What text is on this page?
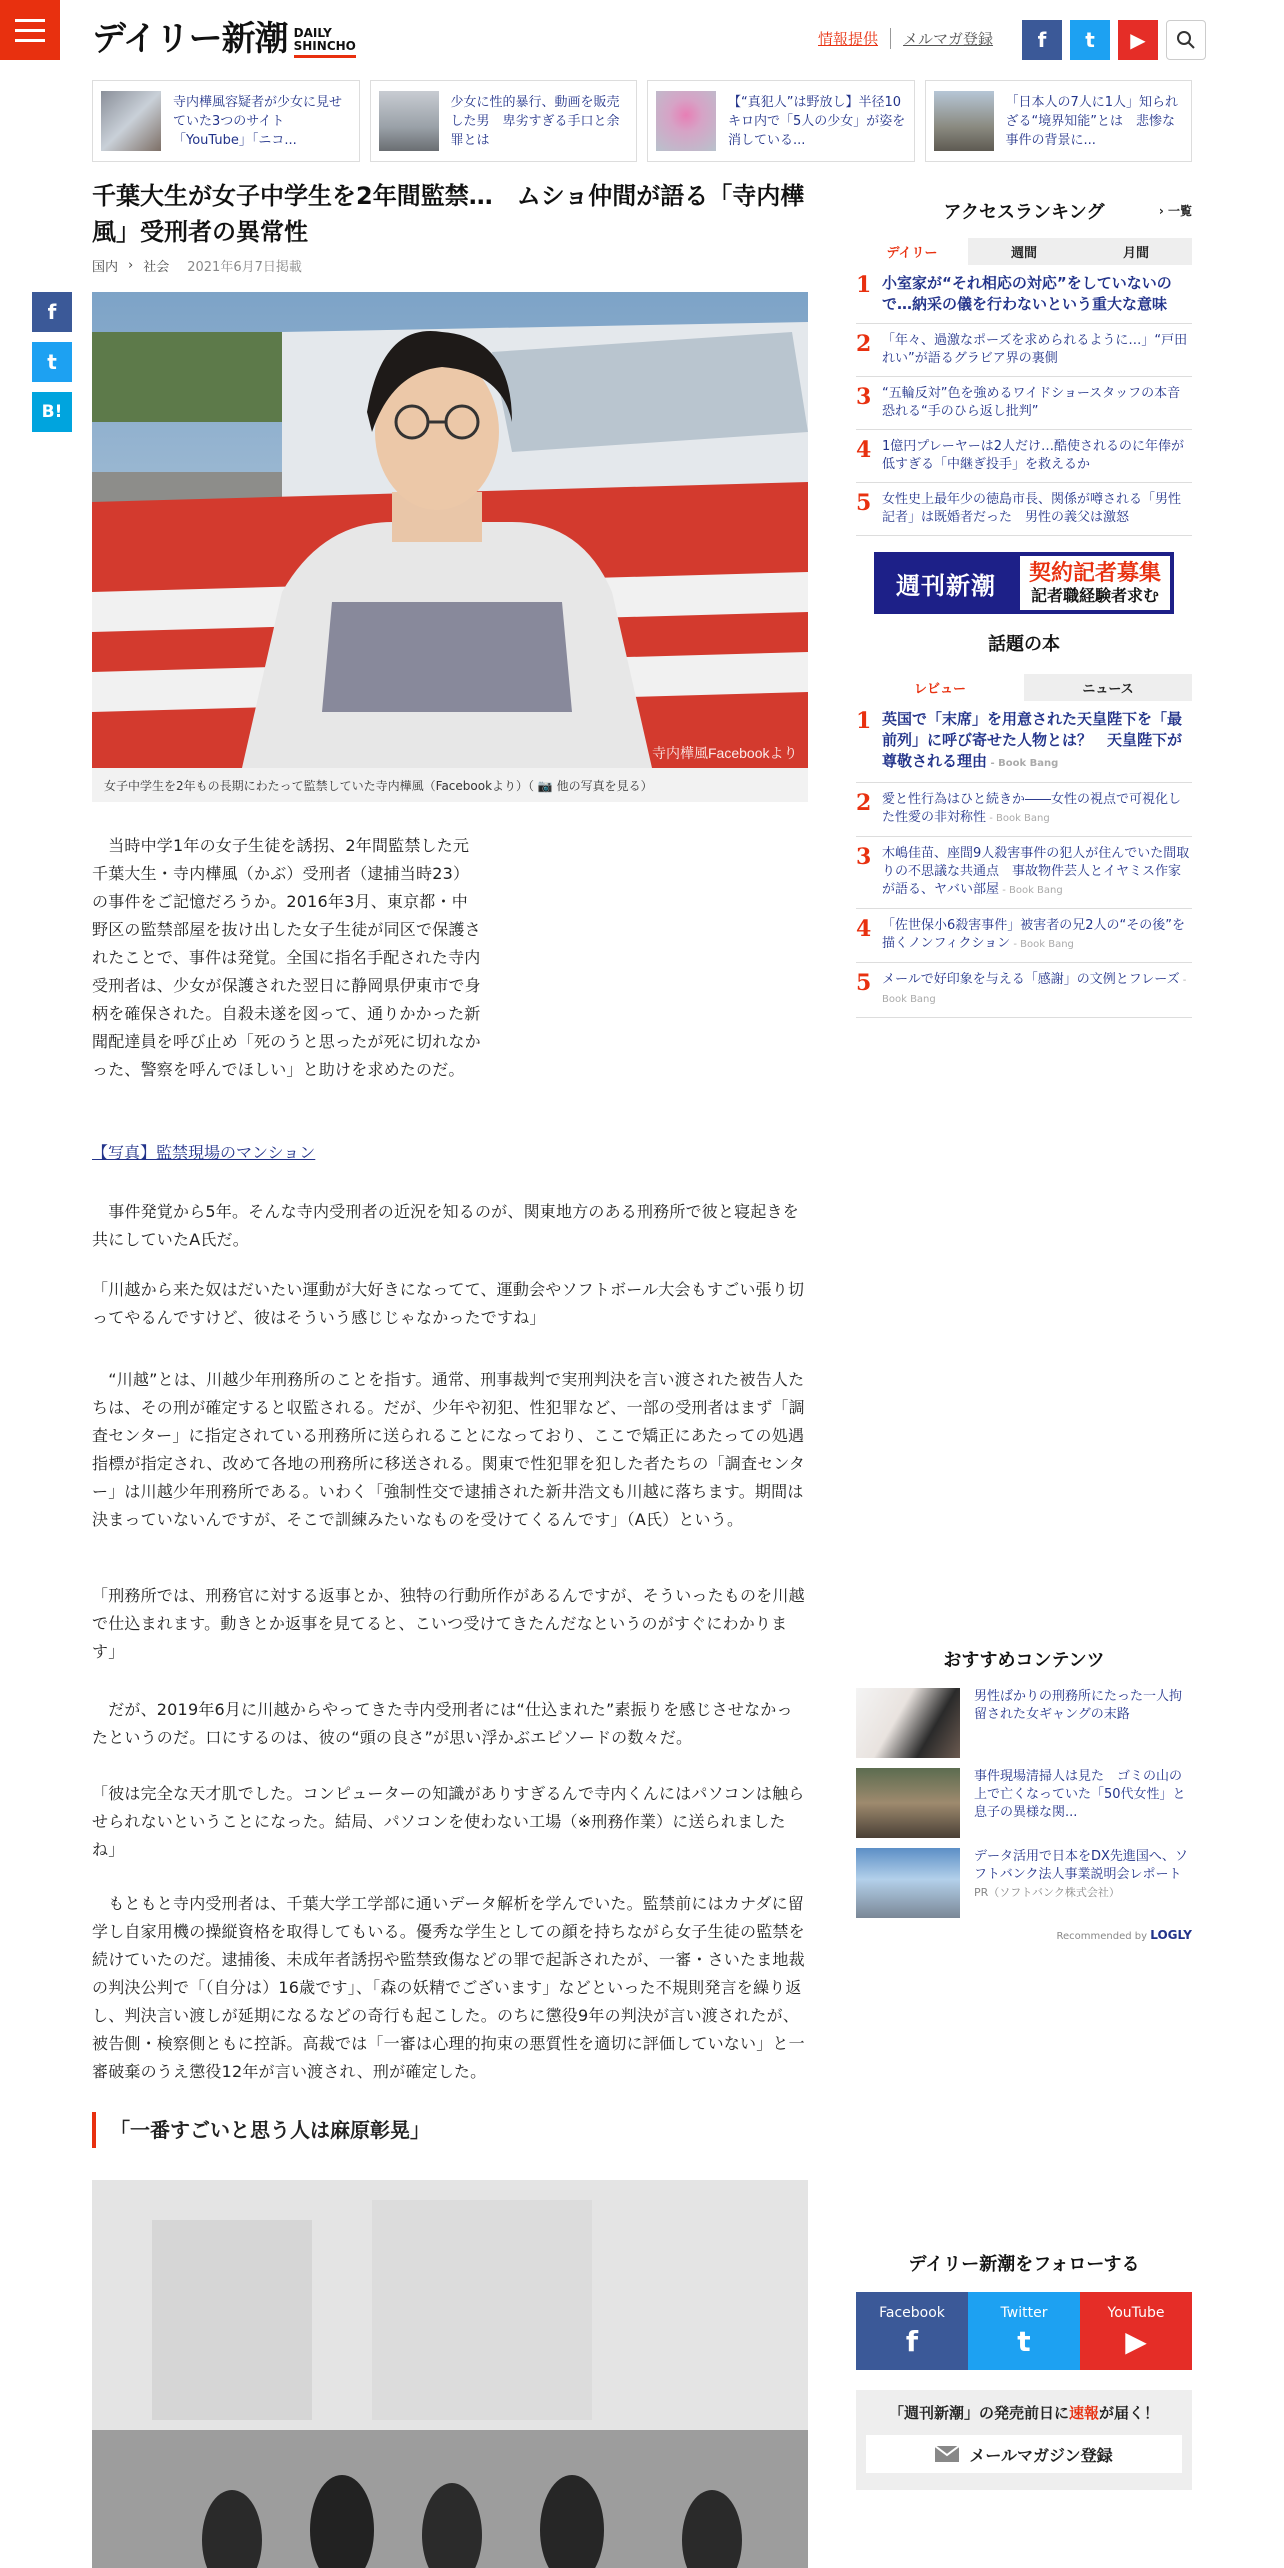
デイリー新潮 DAILY
SHINCHO	情報提供	メルマガ登録	f	t	▶
寺内樺風容疑者が少女に見せていた3つのサイト「YouTube」「ニコ...
少女に性的暴行、動画を販売した男　卑劣すぎる手口と余罪とは
【“真犯人”は野放し】半径10キロ内で「5人の少女」が姿を消している...
「日本人の7人に1人」知られざる“境界知能”とは　悲惨な事件の背景に...
千葉大生が女子中学生を2年間監禁…　ムショ仲間が語る「寺内樺風」受刑者の異常性
国内 › 社会 2021年6月7日掲載
f
t
B!
寺内樺風Facebookより
女子中学生を2年もの長期にわたって監禁していた寺内樺風（Facebookより）（ 📷 他の写真を見る）

　当時中学1年の女子生徒を誘拐、2年間監禁した元千葉大生・寺内樺風（かぶ）受刑者（逮捕当時23）の事件をご記憶だろうか。2016年3月、東京都・中野区の監禁部屋を抜け出した女子生徒が同区で保護されたことで、事件は発覚。全国に指名手配された寺内受刑者は、少女が保護された翌日に静岡県伊東市で身柄を確保された。自殺未遂を図って、通りかかった新聞配達員を呼び止め「死のうと思ったが死に切れなかった、警察を呼んでほしい」と助けを求めたのだ。

【写真】監禁現場のマンション

　事件発覚から5年。そんな寺内受刑者の近況を知るのが、関東地方のある刑務所で彼と寝起きを共にしていたA氏だ。

「川越から来た奴はだいたい運動が大好きになってて、運動会やソフトボール大会もすごい張り切ってやるんですけど、彼はそういう感じじゃなかったですね」

　“川越”とは、川越少年刑務所のことを指す。通常、刑事裁判で実刑判決を言い渡された被告人たちは、その刑が確定すると収監される。だが、少年や初犯、性犯罪など、一部の受刑者はまず「調査センター」に指定されている刑務所に送られることになっており、ここで矯正にあたっての処遇指標が指定され、改めて各地の刑務所に移送される。関東で性犯罪を犯した者たちの「調査センター」は川越少年刑務所である。いわく「強制性交で逮捕された新井浩文も川越に落ちます。期間は決まっていないんですが、そこで訓練みたいなものを受けてくるんです」（A氏）という。

「刑務所では、刑務官に対する返事とか、独特の行動所作があるんですが、そういったものを川越で仕込まれます。動きとか返事を見てると、こいつ受けてきたんだなというのがすぐにわかります」

　だが、2019年6月に川越からやってきた寺内受刑者には“仕込まれた”素振りを感じさせなかったというのだ。口にするのは、彼の“頭の良さ”が思い浮かぶエピソードの数々だ。

「彼は完全な天才肌でした。コンピューターの知識がありすぎるんで寺内くんにはパソコンは触らせられないということになった。結局、パソコンを使わない工場（※刑務作業）に送られましたね」

　もともと寺内受刑者は、千葉大学工学部に通いデータ解析を学んでいた。監禁前にはカナダに留学し自家用機の操縦資格を取得してもいる。優秀な学生としての顔を持ちながら女子生徒の監禁を続けていたのだ。逮捕後、未成年者誘拐や監禁致傷などの罪で起訴されたが、一審・さいたま地裁の判決公判で「（自分は）16歳です」、「森の妖精でございます」などといった不規則発言を繰り返し、判決言い渡しが延期になるなどの奇行も起こした。のちに懲役9年の判決が言い渡されたが、被告側・検察側ともに控訴。高裁では「一審は心理的拘束の悪質性を適切に評価していない」と一審破棄のうえ懲役12年が言い渡され、刑が確定した。

「一番すごいと思う人は麻原彰晃」
アクセスランキング	› 一覧
デイリー	週間	月間
1 小室家が“それ相応の対応”をしていないので…納采の儀を行わないという重大な意味
2 「年々、過激なポーズを求められるように…」“戸田れい”が語るグラビア界の裏側
3 “五輪反対”色を強めるワイドショースタッフの本音　恐れる“手のひら返し批判”
4 1億円プレーヤーは2人だけ…酷使されるのに年俸が低すぎる「中継ぎ投手」を救えるか
5 女性史上最年少の徳島市長、関係が噂される「男性記者」は既婚者だった　男性の義父は激怒
週刊新潮	契約記者募集
記者職経験者求む
話題の本
レビュー	ニュース
1 英国で「末席」を用意された天皇陛下を「最前列」に呼び寄せた人物とは？　天皇陛下が尊敬される理由 - Book Bang
2 愛と性行為はひと続きか――女性の視点で可視化した性愛の非対称性 - Book Bang
3 木嶋佳苗、座間9人殺害事件の犯人が住んでいた間取りの不思議な共通点　事故物件芸人とイヤミス作家が語る、ヤバい部屋 - Book Bang
4 「佐世保小6殺害事件」被害者の兄2人の“その後”を描くノンフィクション - Book Bang
5 メールで好印象を与える「感謝」の文例とフレーズ - Book Bang
おすすめコンテンツ
男性ばかりの刑務所にたった一人拘留された女ギャングの末路
事件現場清掃人は見た　ゴミの山の上で亡くなっていた「50代女性」と息子の異様な関...
データ活用で日本をDX先進国へ、ソフトバンク法人事業説明会レポート
PR（ソフトバンク株式会社）
Recommended by LOGLY
デイリー新潮をフォローする
Facebook
f
Twitter
t
YouTube
▶
「週刊新潮」の発売前日に速報が届く！
メールマガジン登録
